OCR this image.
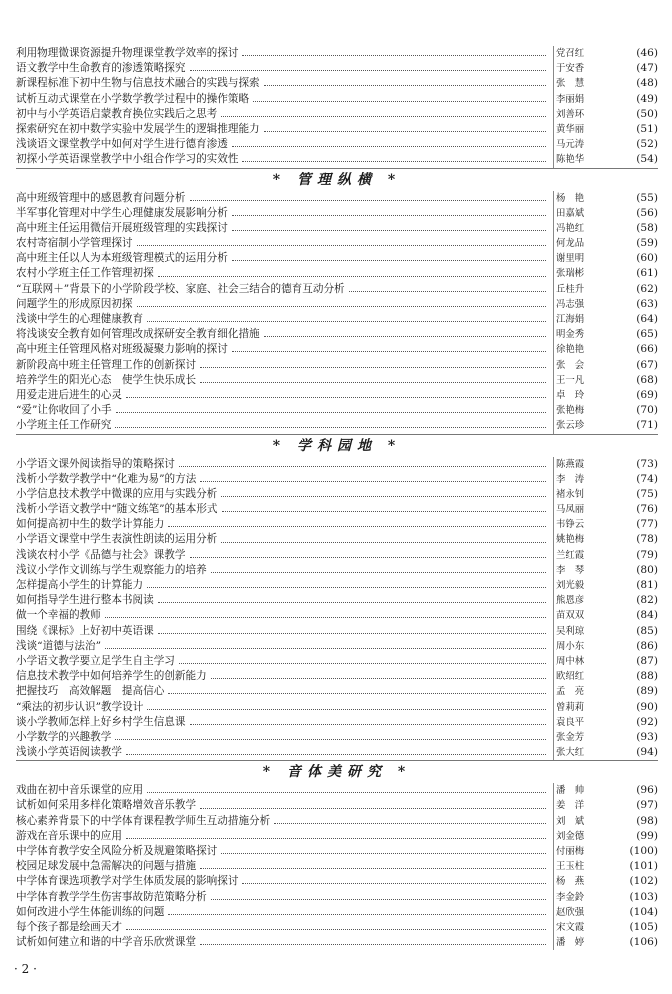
利用物理微课资源提升物理课堂教学效率的探讨	党召红	(46)
语文教学中生命教育的渗透策略探究	于安香	(47)
新课程标准下初中生物与信息技术融合的实践与探索	张　慧	(48)
试析互动式课堂在小学数学教学过程中的操作策略	李丽娟	(49)
初中与小学英语启蒙教育换位实践后之思考	刘善环	(50)
探索研究在初中数学实验中发展学生的逻辑推理能力	黄华丽	(51)
浅谈语文课堂教学中如何对学生进行德育渗透	马元涛	(52)
初探小学英语课堂教学中小组合作学习的实效性	陈艳华	(54)
* 管理纵横 *
高中班级管理中的感恩教育问题分析	杨　艳	(55)
半军事化管理对中学生心理健康发展影响分析	田嘉斌	(56)
高中班主任运用微信开展班级管理的实践探讨	冯艳红	(58)
农村寄宿制小学管理探讨	何龙品	(59)
高中班主任以人为本班级管理模式的运用分析	谢里明	(60)
农村小学班主任工作管理初探	张瑞彬	(61)
“互联网＋”背景下的小学阶段学校、家庭、社会三结合的德育互动分析	丘桂升	(62)
问题学生的形成原因初探	冯志强	(63)
浅谈中学生的心理健康教育	江海娟	(64)
将浅谈安全教育如何管理改成探研安全教育细化措施	明金秀	(65)
高中班主任管理风格对班级凝聚力影响的探讨	徐艳艳	(66)
新阶段高中班主任管理工作的创新探讨	张　会	(67)
培养学生的阳光心态　使学生快乐成长	王一凡	(68)
用爱走进后进生的心灵	卓　玲	(69)
“爱”让你收回了小手	张艳梅	(70)
小学班主任工作研究	张云珍	(71)
* 学科园地 *
小学语文课外阅读指导的策略探讨	陈燕霞	(73)
浅析小学数学教学中“化难为易”的方法	李　涛	(74)
小学信息技术教学中微课的应用与实践分析	褚永钊	(75)
浅析小学语文教学中“随文练笔”的基本形式	马凤丽	(76)
如何提高初中生的数学计算能力	韦铮云	(77)
小学语文课堂中学生表演性朗读的运用分析	姚艳梅	(78)
浅谈农村小学《品德与社会》课教学	兰红霞	(79)
浅议小学作文训练与学生观察能力的培养	李　琴	(80)
怎样提高小学生的计算能力	刘光毅	(81)
如何指导学生进行整本书阅读	熊恩彦	(82)
做一个幸福的教师	苗双双	(84)
围绕《课标》上好初中英语课	吴利琼	(85)
浅谈“道德与法治”	周小东	(86)
小学语文教学要立足学生自主学习	周中林	(87)
信息技术教学中如何培养学生的创新能力	欧绍红	(88)
把握技巧　高效解题　提高信心	孟　亮	(89)
“乘法的初步认识”教学设计	曾莉莉	(90)
谈小学教师怎样上好乡村学生信息课	袁良平	(92)
小学数学的兴趣教学	张金芳	(93)
浅谈小学英语阅读教学	张大红	(94)
* 音体美研究 *
戏曲在初中音乐课堂的应用	潘　帅	(96)
试析如何采用多样化策略增效音乐教学	姜　洋	(97)
核心素养背景下的中学体育课程教学师生互动措施分析	刘　斌	(98)
游戏在音乐课中的应用	刘金德	(99)
中学体育教学安全风险分析及规避策略探讨	付丽梅	(100)
校园足球发展中急需解决的问题与措施	王玉柱	(101)
中学体育课选项教学对学生体质发展的影响探讨	杨　燕	(102)
中学体育教学学生伤害事故防范策略分析	李金鈴	(103)
如何改进小学生体能训练的问题	赵欣强	(104)
每个孩子都是绘画天才	宋文霞	(105)
试析如何建立和谐的中学音乐欣赏课堂	潘　婷	(106)
· 2 ·
